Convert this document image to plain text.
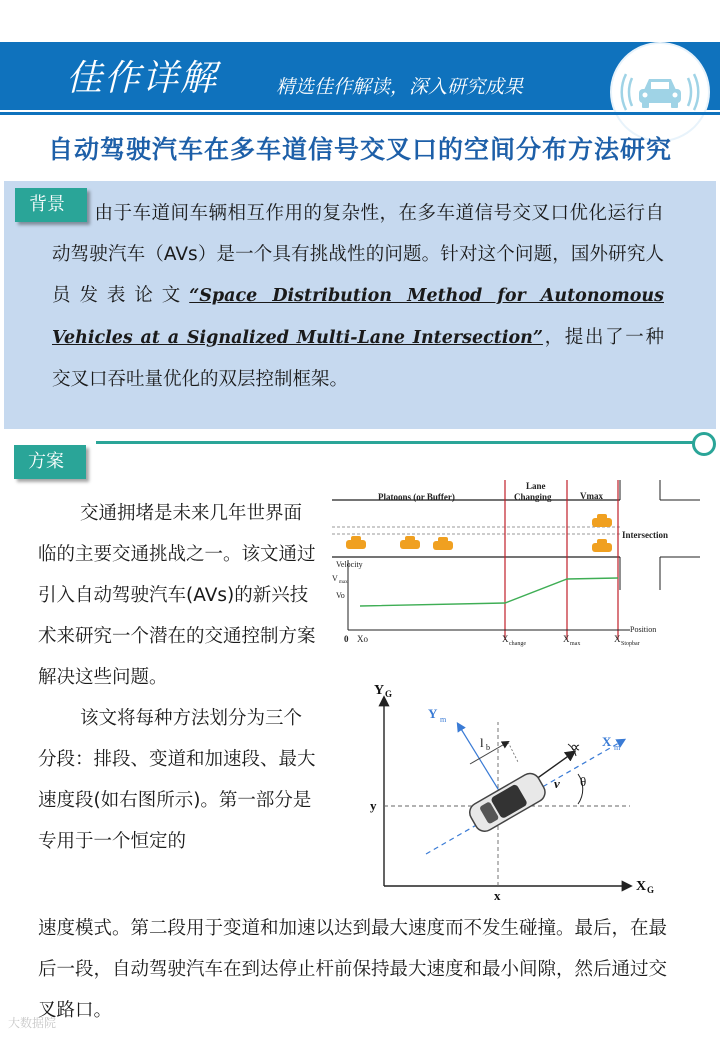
佳作详解	精选佳作解读，深入研究成果
自动驾驶汽车在多车道信号交叉口的空间分布方法研究
背景	由于车道间车辆相互作用的复杂性，在多车道信号交叉口优化运行自动驾驶汽车（AVs）是一个具有挑战性的问题。针对这个问题，国外研究人员发表论文“Space Distribution Method for Autonomous Vehicles at a Signalized Multi-Lane Intersection”，提出了一种交叉口吞吐量优化的双层控制框架。
方案

交通拥堵是未来几年世界面临的主要交通挑战之一。该文通过引入自动驾驶汽车(AVs)的新兴技术来研究一个潜在的交通控制方案解决这些问题。

该文将每种方法划分为三个分段：排段、变道和加速段、最大速度段(如右图所示)。第一部分是专用于一个恒定的

速度模式。第二段用于变道和加速以达到最大速度而不发生碰撞。最后，在最后一段，自动驾驶汽车在到达停止杆前保持最大速度和最小间隙，然后通过交叉路口。

Platoons (or Buffer)
Lane
Changing	Vmax
Intersection
Velocity
V max
Vo
0 Xo	X change	X max	X Stopbar
Position
Y G
X G
Y m
X m
l b
v
∝
θ
y
x
大数据院
